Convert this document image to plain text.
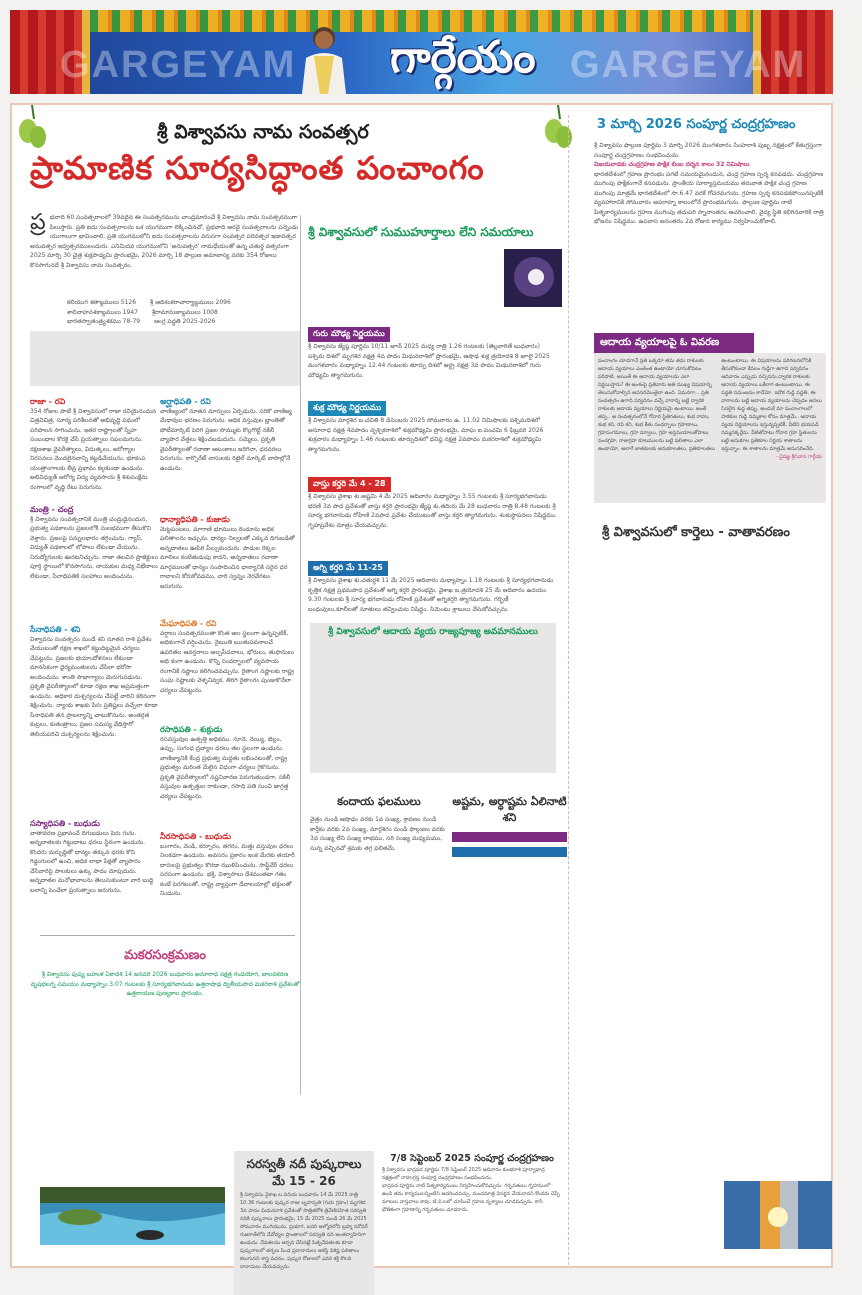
GARGEYAM	GARGEYAM
గార్గేయం
శ్రీ విశ్వావసు నామ సంవత్సర
ప్రామాణిక సూర్యసిద్ధాంత పంచాంగం
ప్ర భవాది 60 సంవత్సరాలలో 39వదైన ఈ సంవత్సరమును చాంద్రమానంచే శ్రీ విశ్వావసు నామ సంవత్సరముగా పిలుస్తారు. ప్రతి ఐదు సంవత్సరాలను ఒక యుగముగా లెక్కించినచో, ప్రభవాది అరవై సంవత్సరాలను పన్నెండు యుగాలుగా భావించాలి. ప్రతి యుగములోని ఐదు సంవత్సరాలను వరుసగా సంవత్సర పరివత్సర ఇడావత్సర అనువత్సర ఇద్వత్సరములందురు. ఎనిమిదవ యుగములోని 'అనువత్సర' నామధేయంతో ఉన్న చతుర్థ వత్సరంగా 2025 మార్చి 30 చైత్ర శుక్లపాడ్యమి ప్రారంభమై, 2026 మార్చి 18 ఫాల్గుణ అమావాస్య వరకు 354 రోజులు కొనసాగునదే శ్రీ విశ్వావసు నామ సంవత్సరం.
కలియుగ శతాబ్దములు 5126 శ్రీ ఆదిశంకరాచార్యాబ్దములు 2096
శాలివాహనశకాబ్దములు 1947 శ్రీరామానుజాబ్దములు 1008
భారతస్వాతంత్ర్యశకము 78-79 ఆంగ్ల పద్ధతి 2025-2026
రాజా - రవి
354 రోజుల పాటే శ్రీ విశ్వావసులో రాజా రవియైనందున చిత్రవిచిత్ర, సూర్య పరిశీలనతో అభివృద్ధి పథంలో పరిపాలన సాగించును. ఇతర రాష్ట్రాలతో స్నేహ సంబంధాల కొరకై చేసే ప్రయత్నాలు సఫలమగును. రక్షణశాఖ వైపరీత్యాలు, విదుత్కలు, అరోగ్యాల నిరసనలు మొదలైనవాన్ని కట్టడిచేయును. భూకంప యంత్రాంగాలకు తీవ్ర ప్రభావం కల్గకుండా ఉండును. అలివిధ్యుత్ ఆరోగ్య విద్య వ్యవసాయ శ్రీ శిశుసంక్షేమ రంగాలలో వృద్ధి రేటు పెరుగును.
మంత్రి - చంద్ర
శ్రీ విశ్వావసు సంవత్సరానికి మంత్రి చంద్రుడైనందున, ప్రభుత్వ పథకాలను ప్రజలలోకి సులభముగా తీసుకొని వెళ్తారు. ప్రజలపై పన్నులభారం తగ్గించును. గ్యాస్, విద్యుత్ పథకాలలో లోపాలు లేకుండా చేయును. నిరుద్యోగులకు ఊరటనిచ్చును. రాజా తలచిన ప్రాజెక్టులు పూర్తి స్థాయిలో కొనసాగును. నాయకుల మధ్య విభేదాలు లేకుండా, సేనాధిపతికి సలహాలు అందించును.
సేనాధిపతి - శని
విశ్వావసు సంవత్సరం నుండే శని నూతన రాశి ప్రవేశం చేయుటంతో రక్షణ శాఖలో కట్టుదిట్టమైన చర్యలు చేపట్టును. ప్రజలకు భయాందోళనలు లేకుండా మానసికంగా ధైర్యమంతులను చేసేలా భరోసా అందించును. శాంతి సౌభాగ్యాలు మెరుగుపడును. ప్రకృతి వైపరీత్యాలలో కూడా రక్షణ శాఖ అప్రమత్తంగా ఉండును. అధికార దుశ్చర్యలను చేపట్టే వారిని కఠినంగా శిక్షించును. న్యాయ శాఖకు పేరు ప్రతిష్టలు వచ్చేలా కూడా సేనాధిపతి తన ప్రాబల్యాన్ని చాటుకొనును. అంతర్గత కుట్రలు, కుతంత్రాలు, ప్రజల సమస్య వేధిస్తారో తెలియపరిచి దుశ్చర్యలను శిక్షించును.
సస్యాధిపతి - బుధుడు
వాతావరణ ప్రభావంచే దిగుబడులు పెరు గును. అన్నదాతలకు గిట్టుబాటు ధరలు స్థిరంగా ఉండును. కొందరు దుర్బుద్ధితో ధాన్యం తక్కువ ధరకు కొని గిడ్డంగులలో ఉంచి, అధిక లాభా పేక్షతో వ్యాపారం చేసేవారిపై పాలకులు ఉక్కు పాదం మోపుదురు. అన్నదాతల మనోభావాలను తెలుసుకుంటూ వారి బుద్ధి బలాన్ని పెంచేలా ప్రయత్నాలు జరుగును.
అర్ఘాధిపతి - రవి
వాణిజ్యంలో నూతన మార్పులు ఏర్పడును. సరికొ వాణిజ్య మేధావుల భరణం పెరుగును. అధిక వస్తువుల భ్రాంతితో పోటీమార్కెట్ పెరిగి ప్రజల సొమ్ముకు కొల్లగొట్టే నకిలీ వ్యాపార వేత్తలు శిక్షించబడుదురు. సమ్మెలు, ప్రకృతి వైపరీత్యాలతో రవాణా ఆటంకాలు జరిగినా, ధరవరలు పెరుగును. కార్పొరేట్ వాసులకు రిటైల్ మార్కెట్ వాసాల్లోనే ఉండును.
ధాన్యాధిపతి - కుజుడు
మెట్టపంటలు, మాగాణి భూములు రెండూను అధిక ఫలితాలను ఇచ్చును. ధాన్యం నిల్వలతో ఎక్కువ దిగుబడితో అన్నదాతలు ఊపిరి పీల్చుకుందురు. పాడుల రెక్కల మాలిలు కంటితుడుపు కాదని, అన్నదాతలం రవాణా మార్గములతో ధాన్యం సంపాదించిన ధాన్యానికి సరైన ధర రావాలని కోరుకోవడము, వారి స్వప్నం నెరవేరటం జరుగును.
మేఘాధిపతి - రవి
వర్షాలు సంవత్సరమంతా కొంత అల స్థలంగా ఉన్నప్పటికీ, అధికంగానే వర్షించును. నైఋతి ఋతుపవనాలచే ఉపరితల ఆవర్తనాలు అల్పపీడనాలు, భోరులు, తుఫానులు అధి కంగా ఉండును. కొన్ని సందర్భాలలో వ్యవసాయ రంగానికి నష్టాలు కలిగించవచ్చును. రైతాంగ నష్టాలకు రాష్ట్ర సంఘ నష్టాలకు వెళ్ళనివ్వక, తిరిగి రైతాంగం పుంజుకొనేలా చర్యలు చేపట్టును.
రసాధిపతి - శుక్రుడు
రసవస్తువుల ఉత్పత్తి అధికము. నూనె, నెయ్యి, బెల్లం, ఉప్పు, సుగంధ ద్రవ్యాల ధరలు తల స్థలంగా ఉండును. వాణిజ్యానికి కేంద్ర ప్రభుత్వ మద్దతు లభించటంతో, రాష్ట్ర ప్రభుత్వం మరింత మేలైన విధంగా చర్యలు గైకొనును. ప్రకృతి వైపరీత్యాలలో నష్టనివారణ పెరుగుతుండగా, సకిలీ వస్తువుల ఉత్పత్తుల రాకుండా, రసాధి పతి సుంచి జాగ్రత్త చర్యలు చేపట్టును.
నీరసాధిపతి - బుధుడు
బంగారం, వెండి, కర్పూరం, తగరం, మత్తు వస్తువుల ధరలు నిలకడగా ఉండును. అవసరం ప్రకారం ఇంక మేరకు తయారీ దారులపై ప్రభుత్వం కొరడా ఝుళిపించును. సాఫ్ట్‌వేర్ ధరలు సరసంగా ఉండును. భక్తి, విశ్వాసాలు దేశమంతటా గతం కంటే పెరగటంతో, రాష్ట్ర వ్యాప్తంగా దేవాలయాల్లో భక్తులతో నిండును.
మకరసంక్రమణం
శ్రీ విశ్వావసు పుష్య బహుళ ఏకాదశి 14 జనవరి 2026 బుధవారం అనూరాధ నక్షత్ర గండయోగ, బాలవకరణ వృషభలగ్న సమయం మధ్యాహ్నం 3.07 గంటలకు శ్రీ సూర్యభగవానుడు ఉత్తరాషాఢ ద్వితీయపాద మకరరాశి ప్రవేశంతో ఉత్తరాయణ పుణ్యకాల ప్రారంభం.
శ్రీ విశ్వావసులో సుముహూర్తాలు లేని సమయాలు
గురు మౌఢ్య నిర్ణయము
శ్రీ విశ్వావసు జ్యేష్ఠ పూర్ణిమ 10/11 జూన్ 2025 మధ్య రాత్రి 1.26 గంటలకు (తెల్లవారితే బుధవారం) పశ్చిమ దిశలో మృగశిర నక్షత్ర 4వ పాదం మిథునరాశిలో ప్రారంభమై, ఆషాఢ శుక్ల త్రయోదశి 8 జూలై 2025 మంగళవారం మధ్యాహ్నం 12.44 గంటలకు తూర్పు దిశలో ఆర్ద్ర నక్షత్ర 3వ పాదం మిథునరాశిలో గురు మౌఢ్యమి త్యాగమగును.
శుక్ర మౌఢ్య నిర్ణయము
శ్రీ విశ్వావసు మార్గశిర బ.చవితి 8 డిసెంబరు 2025 సోమవారం ఉ. 11.02 నిమిషాలకు పశ్చిమదిశలో అనూరాధ నక్షత్ర 4వపాదం వృశ్చికరాశిలో శుక్రమౌఢ్యమి ప్రారంభమై, మాఘ ఐ.పంచమి 6 ఫిబ్రవరి 2026 శుక్రవారం మధ్యాహ్నం 1.46 గంటలకు తూర్పుదిశలో ధనిష్ఠ నక్షత్ర 2వపాదం మకరరాశిలో శుక్రమౌఢ్యమి త్యాగమగును.
వాస్తు కర్తరి మే 4 - 28
శ్రీ విశ్వావసు వైశాఖ శు.అష్టమి 4 మే 2025 ఆదివారం మధ్యాహ్నం 3.55 గంటలకు శ్రీ సూర్యభగవానుడు భరణి 3వ పాద ప్రవేశంతో వాస్తు కర్తరి ప్రారంభమై జ్యేష్ఠ శు.తదియ మే 28 బుధవారం రాత్రి 8.48 గంటలకు శ్రీ సూర్య భగవానుడు రోహిణి 2వపాద ప్రవేశం చేయుటంతో వాస్తు కర్తరి త్యాగమగును. శంకుస్థాపనలు నిషిద్ధము. గృహప్రవేశం మాత్రం చేయవచ్చును.
అగ్ని కర్తరి మే 11-25
శ్రీ విశ్వావసు వైశాఖ శు.చతుర్దశి 11 మే 2025 ఆదివారం మధ్యాహ్నం 1.18 గంటలకు శ్రీ సూర్యభగవానుడు కృత్తిక నక్షత్ర ప్రథమపాద ప్రవేశంతో అగ్ని కర్తరి ప్రారంభమై, వైశాఖ బ.త్రయోదశి 25 మే ఆదివారం ఉదయం 9.30 గంటలకు శ్రీ సూర్య భగవానుడు రోహిణి ప్రవేశంతో అగ్నికర్తరి త్యాగమగును. గర్భిణీ బంధువులు,కూలీలతో నూతులు తవ్వించుట నిషిద్ధం. సిమెంటు శ్లాబులు వేసుకోవచ్చును.
శ్రీ విశ్వావసులో ఆదాయ వ్యయ రాజ్యపూజ్య అవమానములు
కందాయ ఫలములు
చైత్రం నుండి ఆషాఢం వరకు 1వ సంఖ్య, శ్రావణం నుండి కార్తీకం వరకు 2వ సంఖ్య, మార్గశిరం నుండి ఫాల్గుణం వరకు 3వ సంఖ్య లేని సంఖ్య లాభము, సరి సంఖ్య మధ్యమము, సున్న వచ్చినచో శ్రమకు తగ్గ ఫలితమే.
అష్టమ, అర్ధాష్టమ ఏలినాటి శని
సరస్వతీ నదీ పుష్కరాలు
మే 15 - 26
శ్రీ విశ్వావసు వైశాఖ బ.విదియ బుధవారం 14 మే 2025 రాత్రి 10.36 గంటలకు పుష్కర రాజు బృహస్పతి (గురు గ్రహం) మృగశిర 3వ పాదం మిథునరాశి ప్రవేశంతో సొత్రితరోశి త్రివేణిసహిత సరస్వతి నదికి పుష్కరాలు ప్రారంభమై, 15 మే 2025 నుండి 26 మే 2025 సోమవారం ముగియును. ప్రయాగ, బదరి అల్మోరలోని బ్రహ్మ సరోవర్ గుజరాత్‌లోని దేవోద్యల ప్రాంతాలలో సరస్వతి నది అంతర్వాహినిగా ఉండును. దేవతలను అర్చన చేసినట్లే పితృదేవతలకు కూడా పుష్కరాలలో తర్పణ పిండ ప్రదానాదులు ఆశిస్తే విశిష్ట ఫలితాలు కలుగునని శాస్త్ర వచనం. పుష్కర రోజులలో ఎవరి శక్తి కొలది దానాదులు చేయవచ్చును.
7/8 సెప్టెంబర్ 2025 సంపూర్ణ చంద్రగ్రహణం
శ్రీ విశ్వావసు భాద్రపద పూర్ణిమ 7/8 సెప్టెంబర్ 2025 ఆదివారం కుంభరాశి పూర్వాభాద్ర నక్షత్రంలో రాహుగ్రస్త సంపూర్ణ చంద్రగ్రహణం సంభవించును.
భాద్రపద పూర్ణిమ నాటి పితృకార్యములు నిర్వహించుకోవచ్చును. గర్భవతులు గృహములో ఉండి తమ కార్యములన్నింటిని ఆచరించవచ్చు. మంచమాత్ర విసర్జన చేయరాదని కొందరు చెప్పే మాటలు వాస్తవాలు కావు. టి.వి.లలో చూపించే గ్రహణ దృశ్యాలు చూడవచ్చును. కానీ భౌతికంగా గ్రహణాన్ని గర్భవతులు చూడరాదు.
3 మార్చి 2026 సంపూర్ణ చంద్రగ్రహణం
శ్రీ విశ్వావసు ఫాల్గుణ పూర్ణిమ 3 మార్చి 2026 మంగళవారం సింహరాశి పుబ్బ నక్షత్రంలో కేతుగ్రస్తంగా సంపూర్ణ చంద్రగ్రహణం సంభవించును.
విజయవాడకు చంద్రగ్రహణ పాక్షిక బింబ దర్శన కాలం 32 నిమిషాలు
భారతదేశంలో గ్రహణ ప్రారంభం పగటి సమయమైనందున, చంద్ర గ్రహణ స్పర్శ కనపడదు. చంద్రగ్రహణ ముగింపు పాక్షికంగానే కనపడును. ప్రాంతీయ సూర్యాస్తమయము తరువాత పాక్షిక చంద్ర గ్రహణ ముగింపు మాత్రమే భారతదేశంలో సా.6.47 వరకే గోచరమగును. గ్రహణ స్పర్శ కనపడకపోయినప్పటికీ వ్యవహారానికి సోమవారం అపరాహ్న కాలంలోనే ప్రారంభమగును. ఫాల్గుణ పూర్ణిమ నాటి పితృకార్యములను గ్రహణ ముగింపు తదుపరి స్నానాంతరం ఆచరించాలి. వైద్య స్థితి కలిగినవారికి రాత్రి భోజనం నిషిద్ధము. ఉపవాస అనంతరం 2వ రోజున కార్యము నిర్వహించుకోవాలి.
ఆదాయ వ్యయాలపై ఓ వివరణ
పంచాంగం చూడగానే ప్రతి ఒక్కరూ తమ తమ రాశులకు ఆదాయ వ్యయాలు ఎంతెంత ఉంటాయో చూసుకోవటం పరిపాటి. అయితే ఈ ఆదాయ వ్యయాలను ఎలా నిర్ణయిస్తారు? ఈ అంశంపై ప్రతివారు అతి ముఖ్య విషయాన్ని తెలుసుకోవాల్సిన అవసరమెంతైనా ఉంది. ఏమనగా... ప్రతి సంవత్సరం ఉగాది పర్వదినం వచ్చే వారాన్ని బట్టి ద్వారక రాశులకు ఆదాయ వ్యయాలు నిర్ణయమై ఉంటాయి. అంతే తప్ప.. ఆ సంవత్సరంలోనే గోచార స్థితిగతులు, శుభ రాహు, శుభ శని, రవి శని, శుభ కేతు సంధర్భాలు గ్రహణాలు, గ్రహసంగమాలు, గ్రహ పర్వాలు, గ్రహ అస్తమయాలతోపాటు పంచగ్రహ, రాజుగ్రహ కూటములను బట్టి ఫలితాలు ఎలా ఉంటాయో, అలాగే జాతకులకు అనుకూలతలు, ప్రతికూలతలు
ఉంటుంటాయి. ఈ విషయాలను పరిగణనలోనికి తీసుకోకుండా కేవలం గుడ్డిగా ఉగాది పర్వదినం ఆదివారం ఎప్పుడు వచ్చినను,ద్వారక రాశులకు ఆదాయ వ్యయాలు ఒకేలాగ ఉంటుంటాయి. ఈ పద్ధతి సమంజసం కాదేమో. ఇదొక గుడ్డి పద్ధతి. ఈ వారాలను బట్టి ఆదాయ వ్యయాలను చెప్పడం అసలు సిసలైన శుద్ధ తప్పు. అందుకే మా పంచాంగాలలో పాఠకుల గుడ్డి నమ్మకాల కోసం మాత్రమే.. ఆదాయ వ్యయ నిర్ణయాలను ఇస్తున్నప్పటికీ, వీటిని భయపడి నమ్మనక్కర్లేదు. వీటితోపాటు గోచార గ్రహ స్థితులను బట్టి అనుకూల ప్రతికూల నిర్ణయ శాతాలను ఇస్తున్నాం. ఈ శాతాలను మాత్రమే అనుసరించేది.
- దైవజ్ఞ శ్రీనివాస గార్గేయ
శ్రీ విశ్వావసులో కార్తెలు - వాతావరణం
